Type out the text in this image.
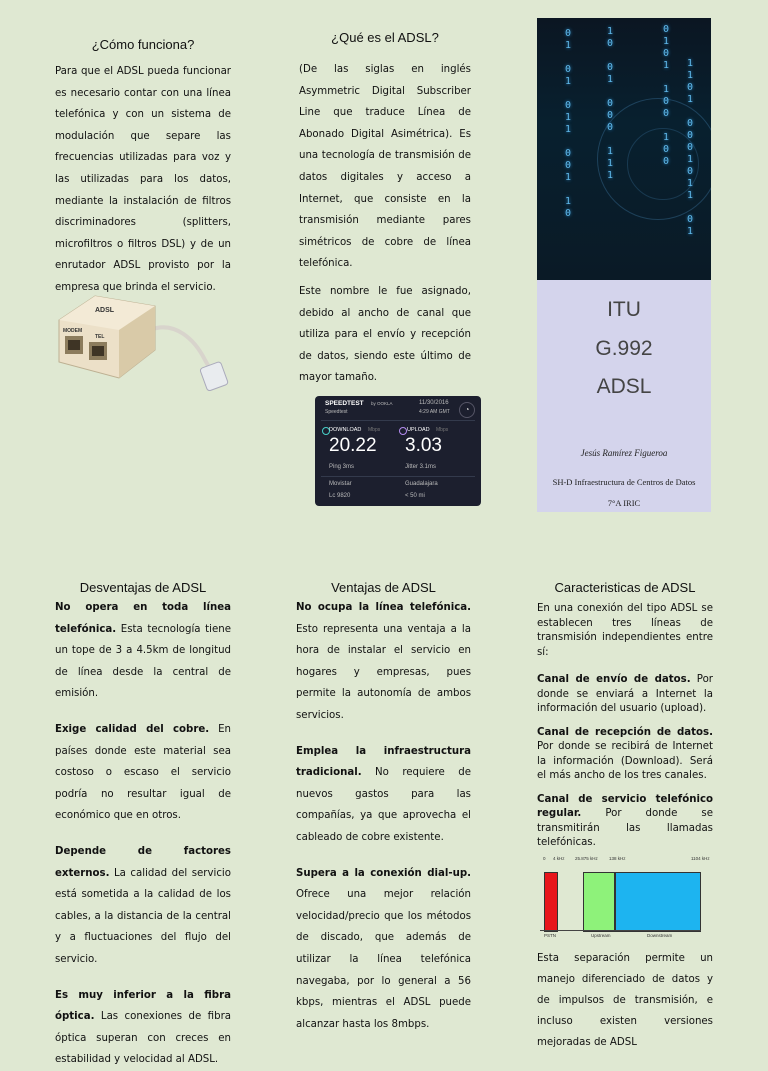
¿Cómo funciona?

Para que el ADSL pueda funcionar es necesario contar con una línea telefónica y con un sistema de modulación que separe las frecuencias utilizadas para voz y las utilizadas para los datos, mediante la instalación de filtros discriminadores (splitters, microfiltros o filtros DSL) y de un enrutador ADSL provisto por la empresa que brinda el servicio.

ADSL
MODEM
TEL
¿Qué es el ADSL?

(De las siglas en inglés Asymmetric Digital Subscriber Line que traduce Línea de Abonado Digital Asimétrica). Es una tecnología de transmisión de datos digitales y acceso a Internet, que consiste en la transmisión mediante pares simétricos de cobre de línea telefónica.

Este nombre le fue asignado, debido al ancho de canal que utiliza para el envío y recepción de datos, siendo este último de mayor tamaño.

SPEEDTEST by OOKLA
Speedtest
11/30/2016
4:29 AM GMT	◔
DOWNLOAD Mbps
20.22
UPLOAD Mbps
3.03
Ping 3ms	Jitter 3.1ms
Movistar
Lc 9820
Guadalajara
< 50 mi
0
1

0
1

0
1
1

0
0
1

1
0
1
0

0
1

0
0
0

1
1
1
0
1
0
1

1
0
0

1
0
0
1
1
0
1

0
0
0
1
0
1
1

0
1
ITU
G.992
ADSL
Jesús Ramírez Figueroa
SH-D Infraestructura de Centros de Datos
7°A IRIC
Desventajas de ADSL

No opera en toda línea telefónica. Esta tecnología tiene un tope de 3 a 4.5km de longitud de línea desde la central de emisión.

Exige calidad del cobre. En países donde este material sea costoso o escaso el servicio podría no resultar igual de económico que en otros.

Depende de factores externos. La calidad del servicio está sometida a la calidad de los cables, a la distancia de la central y a fluctuaciones del flujo del servicio.

Es muy inferior a la fibra óptica. Las conexiones de fibra óptica superan con creces en estabilidad y velocidad al ADSL.

Ventajas de ADSL

No ocupa la línea telefónica. Esto representa una ventaja a la hora de instalar el servicio en hogares y empresas, pues permite la autonomía de ambos servicios.

Emplea la infraestructura tradicional. No requiere de nuevos gastos para las compañías, ya que aprovecha el cableado de cobre existente.

Supera a la conexión dial-up. Ofrece una mejor relación velocidad/precio que los métodos de discado, que además de utilizar la línea telefónica navegaba, por lo general a 56 kbps, mientras el ADSL puede alcanzar hasta los 8mbps.

Caracteristicas de ADSL

En una conexión del tipo ADSL se establecen tres líneas de transmisión independientes entre sí:

Canal de envío de datos. Por donde se enviará a Internet la información del usuario (upload).

Canal de recepción de datos. Por donde se recibirá de Internet la información (Download). Será el más ancho de los tres canales.

Canal de servicio telefónico regular. Por donde se transmitirán las llamadas telefónicas.

0 4 kHz 25.875 kHz 138 kHz	1104 kHz
PSTN	Upstream	Downstream

Esta separación permite un manejo diferenciado de datos y de impulsos de transmisión, e incluso existen versiones mejoradas de ADSL
